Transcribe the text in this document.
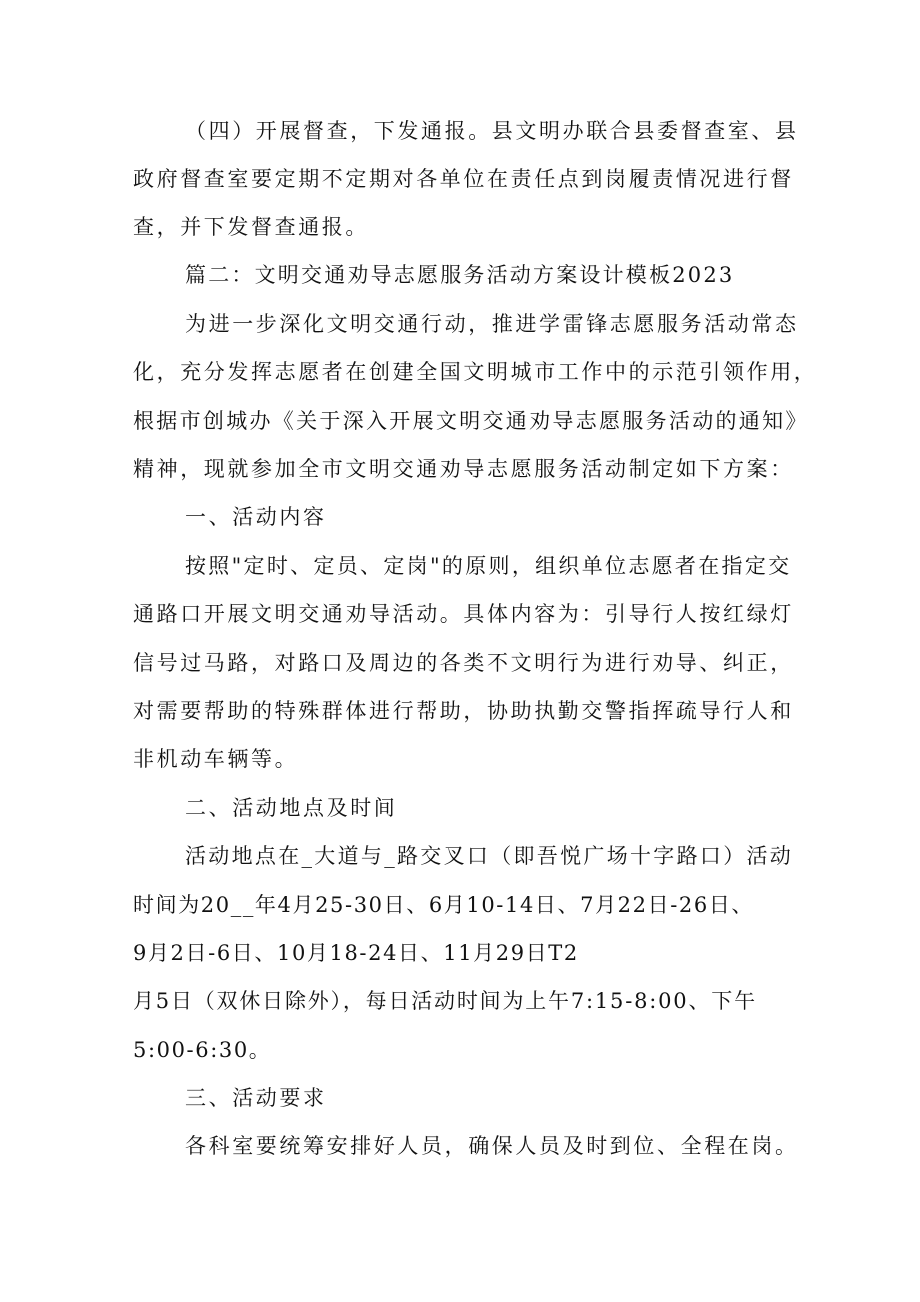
（四）开展督查，下发通报。县文明办联合县委督查室、县
政府督查室要定期不定期对各单位在责任点到岗履责情况进行督
查，并下发督查通报。
篇二：文明交通劝导志愿服务活动方案设计模板2023
为进一步深化文明交通行动，推进学雷锋志愿服务活动常态
化，充分发挥志愿者在创建全国文明城市工作中的示范引领作用，
根据市创城办《关于深入开展文明交通劝导志愿服务活动的通知》
精神，现就参加全市文明交通劝导志愿服务活动制定如下方案：
一、活动内容
按照"定时、定员、定岗"的原则，组织单位志愿者在指定交
通路口开展文明交通劝导活动。具体内容为：引导行人按红绿灯
信号过马路，对路口及周边的各类不文明行为进行劝导、纠正，
对需要帮助的特殊群体进行帮助，协助执勤交警指挥疏导行人和
非机动车辆等。
二、活动地点及时间
活动地点在_大道与_路交叉口（即吾悦广场十字路口）活动
时间为20__年4月25-30日、6月10-14日、7月22日-26日、
9月2日-6日、10月18-24日、11月29日T2
月5日（双休日除外），每日活动时间为上午7:15-8:00、下午
5:00-6:30。
三、活动要求
各科室要统筹安排好人员，确保人员及时到位、全程在岗。
